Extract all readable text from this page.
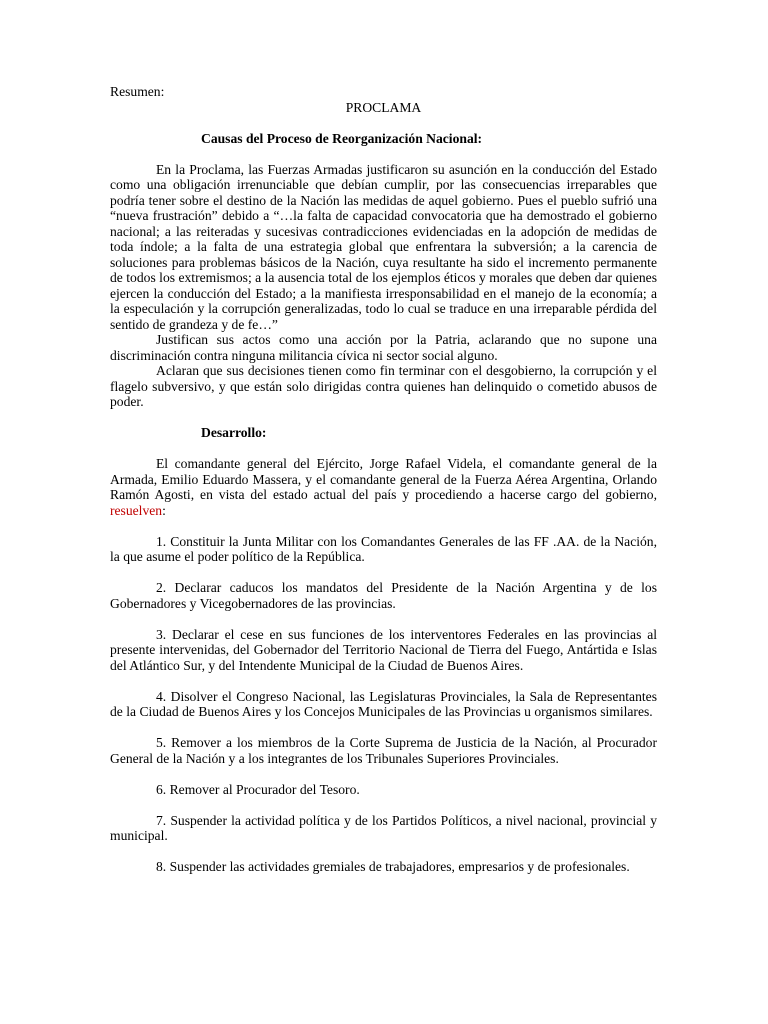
Resumen:

PROCLAMA

Causas del Proceso de Reorganización Nacional:

En la Proclama, las Fuerzas Armadas justificaron su asunción en la conducción del Estado como una obligación irrenunciable que debían cumplir, por las consecuencias irreparables que podría tener sobre el destino de la Nación las medidas de aquel gobierno. Pues el pueblo sufrió una “nueva frustración” debido a “…la falta de capacidad convocatoria que ha demostrado el gobierno nacional; a las reiteradas y sucesivas contradicciones evidenciadas en la adopción de medidas de toda índole; a la falta de una estrategia global que enfrentara la subversión; a la carencia de soluciones para problemas básicos de la Nación, cuya resultante ha sido el incremento permanente de todos los extremismos; a la ausencia total de los ejemplos éticos y morales que deben dar quienes ejercen la conducción del Estado; a la manifiesta irresponsabilidad en el manejo de la economía; a la especulación y la corrupción generalizadas, todo lo cual se traduce en una irreparable pérdida del sentido de grandeza y de fe…”

Justifican sus actos como una acción por la Patria, aclarando que no supone una discriminación contra ninguna militancia cívica ni sector social alguno.

Aclaran que sus decisiones tienen como fin terminar con el desgobierno, la corrupción y el flagelo subversivo, y que están solo dirigidas contra quienes han delinquido o cometido abusos de poder.

Desarrollo:

El comandante general del Ejército, Jorge Rafael Videla, el comandante general de la Armada, Emilio Eduardo Massera, y el comandante general de la Fuerza Aérea Argentina, Orlando Ramón Agosti, en vista del estado actual del país y procediendo a hacerse cargo del gobierno, resuelven:

1. Constituir la Junta Militar con los Comandantes Generales de las FF .AA. de la Nación, la que asume el poder político de la República.

2. Declarar caducos los mandatos del Presidente de la Nación Argentina y de los Gobernadores y Vicegobernadores de las provincias.

3. Declarar el cese en sus funciones de los interventores Federales en las provincias al presente intervenidas, del Gobernador del Territorio Nacional de Tierra del Fuego, Antártida e Islas del Atlántico Sur, y del Intendente Municipal de la Ciudad de Buenos Aires.

4. Disolver el Congreso Nacional, las Legislaturas Provinciales, la Sala de Representantes de la Ciudad de Buenos Aires y los Concejos Municipales de las Provincias u organismos similares.

5. Remover a los miembros de la Corte Suprema de Justicia de la Nación, al Procurador General de la Nación y a los integrantes de los Tribunales Superiores Provinciales.

6. Remover al Procurador del Tesoro.

7. Suspender la actividad política y de los Partidos Políticos, a nivel nacional, provincial y municipal.

8. Suspender las actividades gremiales de trabajadores, empresarios y de profesionales.
